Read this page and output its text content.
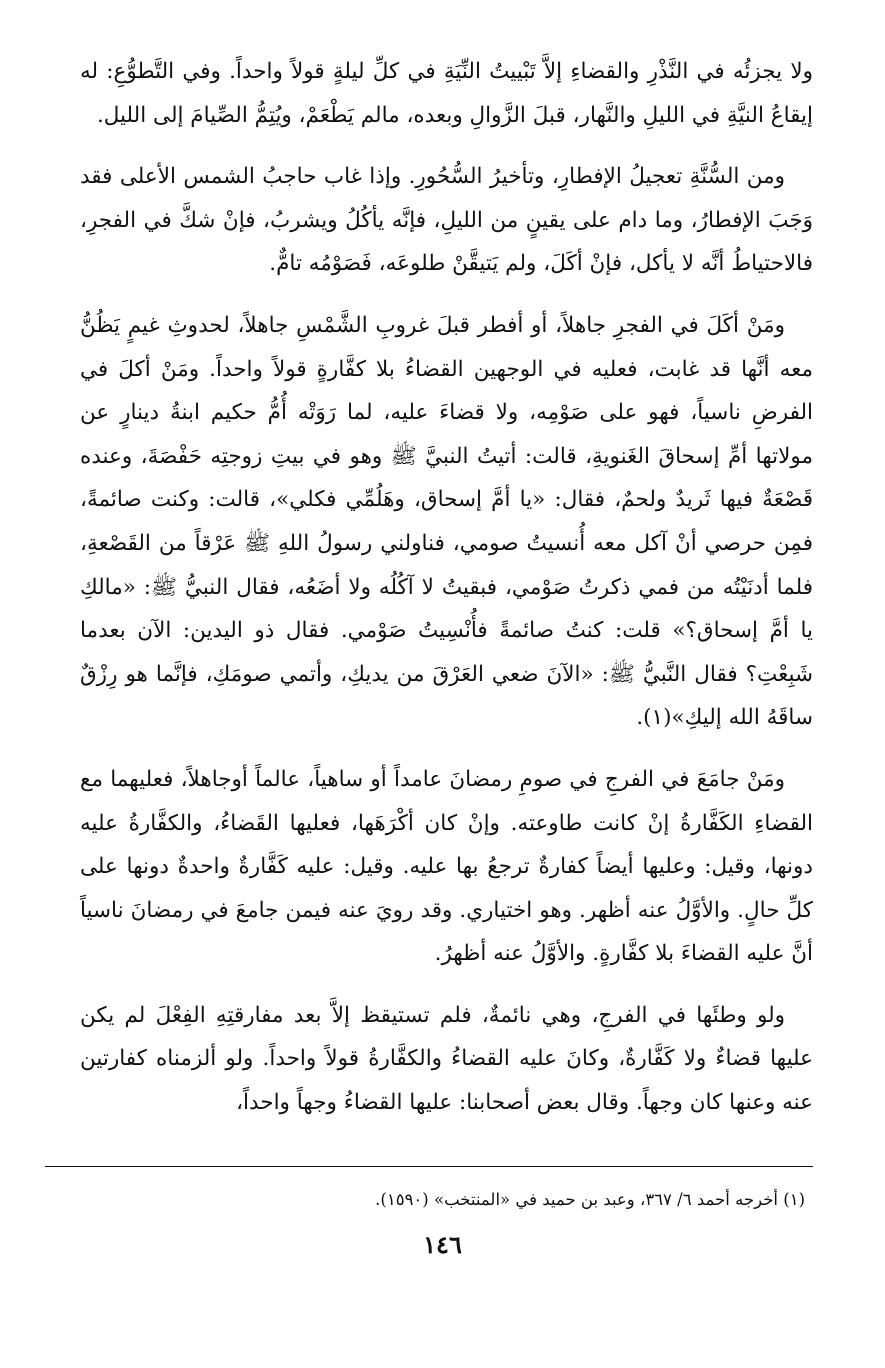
ولا يجزئُه في النَّذْرِ والقضاءِ إلاَّ تَبْييتُ النِّيَةِ في كلِّ ليلةٍ قولاً واحداً. وفي التَّطوُّعِ: له إيقاعُ النيَّةِ في الليلِ والنَّهار، قبلَ الزَّوالِ وبعده، مالم يَطْعَمْ، ويُتِمُّ الصِّيامَ إلى الليل.

ومن السُّنَّةِ تعجيلُ الإفطارِ، وتأخيرُ السُّحُورِ. وإذا غاب حاجبُ الشمس الأعلى فقد وَجَبَ الإفطارُ، وما دام على يقينٍ من الليلِ، فإنَّه يأكُلُ ويشربُ، فإنْ شكَّ في الفجرِ، فالاحتياطُ أنَّه لا يأكل، فإنْ أكَلَ، ولم يَتيقَّنْ طلوعَه، فَصَوْمُه تامٌّ.

ومَنْ أكَلَ في الفجرِ جاهلاً، أو أفطر قبلَ غروبِ الشَّمْسِ جاهلاً، لحدوثِ غيمٍ يَظُنُّ معه أنَّها قد غابت، فعليه في الوجهين القضاءُ بلا كفَّارةٍ قولاً واحداً. ومَنْ أكلَ في الفرضِ ناسياً، فهو على صَوْمِه، ولا قضاءَ عليه، لما رَوَتْه أُمُّ حكيم ابنةُ دينارٍ عن مولاتها أمِّ إسحاقَ الغَنويةِ، قالت: أتيتُ النبيَّ ﷺ وهو في بيتِ زوجتِه حَفْصَةَ، وعنده قَصْعَةٌ فيها ثَريدٌ ولحمٌ، فقال: «يا أمَّ إسحاق، وهَلُمِّي فكلي»، قالت: وكنت صائمةً، فمِن حرصي أنْ آكل معه أُنسيتُ صومي، فناولني رسولُ اللهِ ﷺ عَرْقاً من القَصْعةِ، فلما أدنَيْتُه من فمي ذكرتُ صَوْمي، فبقيتُ لا آكُلُه ولا أضَعُه، فقال النبيُّ ﷺ: «مالكِ يا أمَّ إسحاق؟» قلت: كنتُ صائمةً فأُنْسِيتُ صَوْمي. فقال ذو اليدين: الآن بعدما شَبِعْتِ؟ فقال النَّبيُّ ﷺ: «الآنَ ضعي العَرْقَ من يديكِ، وأتمي صومَكِ، فإنَّما هو رِزْقٌ ساقَهُ الله إليكِ»(١).

ومَنْ جامَعَ في الفرجِ في صومِ رمضانَ عامداً أو ساهياً، عالماً أوجاهلاً، فعليهما مع القضاءِ الكَفَّارةُ إنْ كانت طاوعته. وإنْ كان أكْرَهَها، فعليها القَضاءُ، والكفَّارةُ عليه دونها، وقيل: وعليها أيضاً كفارةٌ ترجعُ بها عليه. وقيل: عليه كَفَّارةٌ واحدةٌ دونها على كلِّ حالٍ. والأوَّلُ عنه أظهر. وهو اختياري. وقد رويَ عنه فيمن جامعَ في رمضانَ ناسياً أنَّ عليه القضاءَ بلا كفَّارةٍ. والأوَّلُ عنه أظهرُ.

ولو وطئَها في الفرجِ، وهي نائمةٌ، فلم تستيقظ إلاَّ بعد مفارقتِهِ الفِعْلَ لم يكن عليها قضاءٌ ولا كَفَّارةٌ، وكانَ عليه القضاءُ والكفَّارةُ قولاً واحداً. ولو ألزمناه كفارتين عنه وعنها كان وجهاً. وقال بعض أصحابنا: عليها القضاءُ وجهاً واحداً،

(١) أخرجه أحمد ٦/ ٣٦٧، وعبد بن حميد في «المنتخب» (١٥٩٠).
١٤٦
